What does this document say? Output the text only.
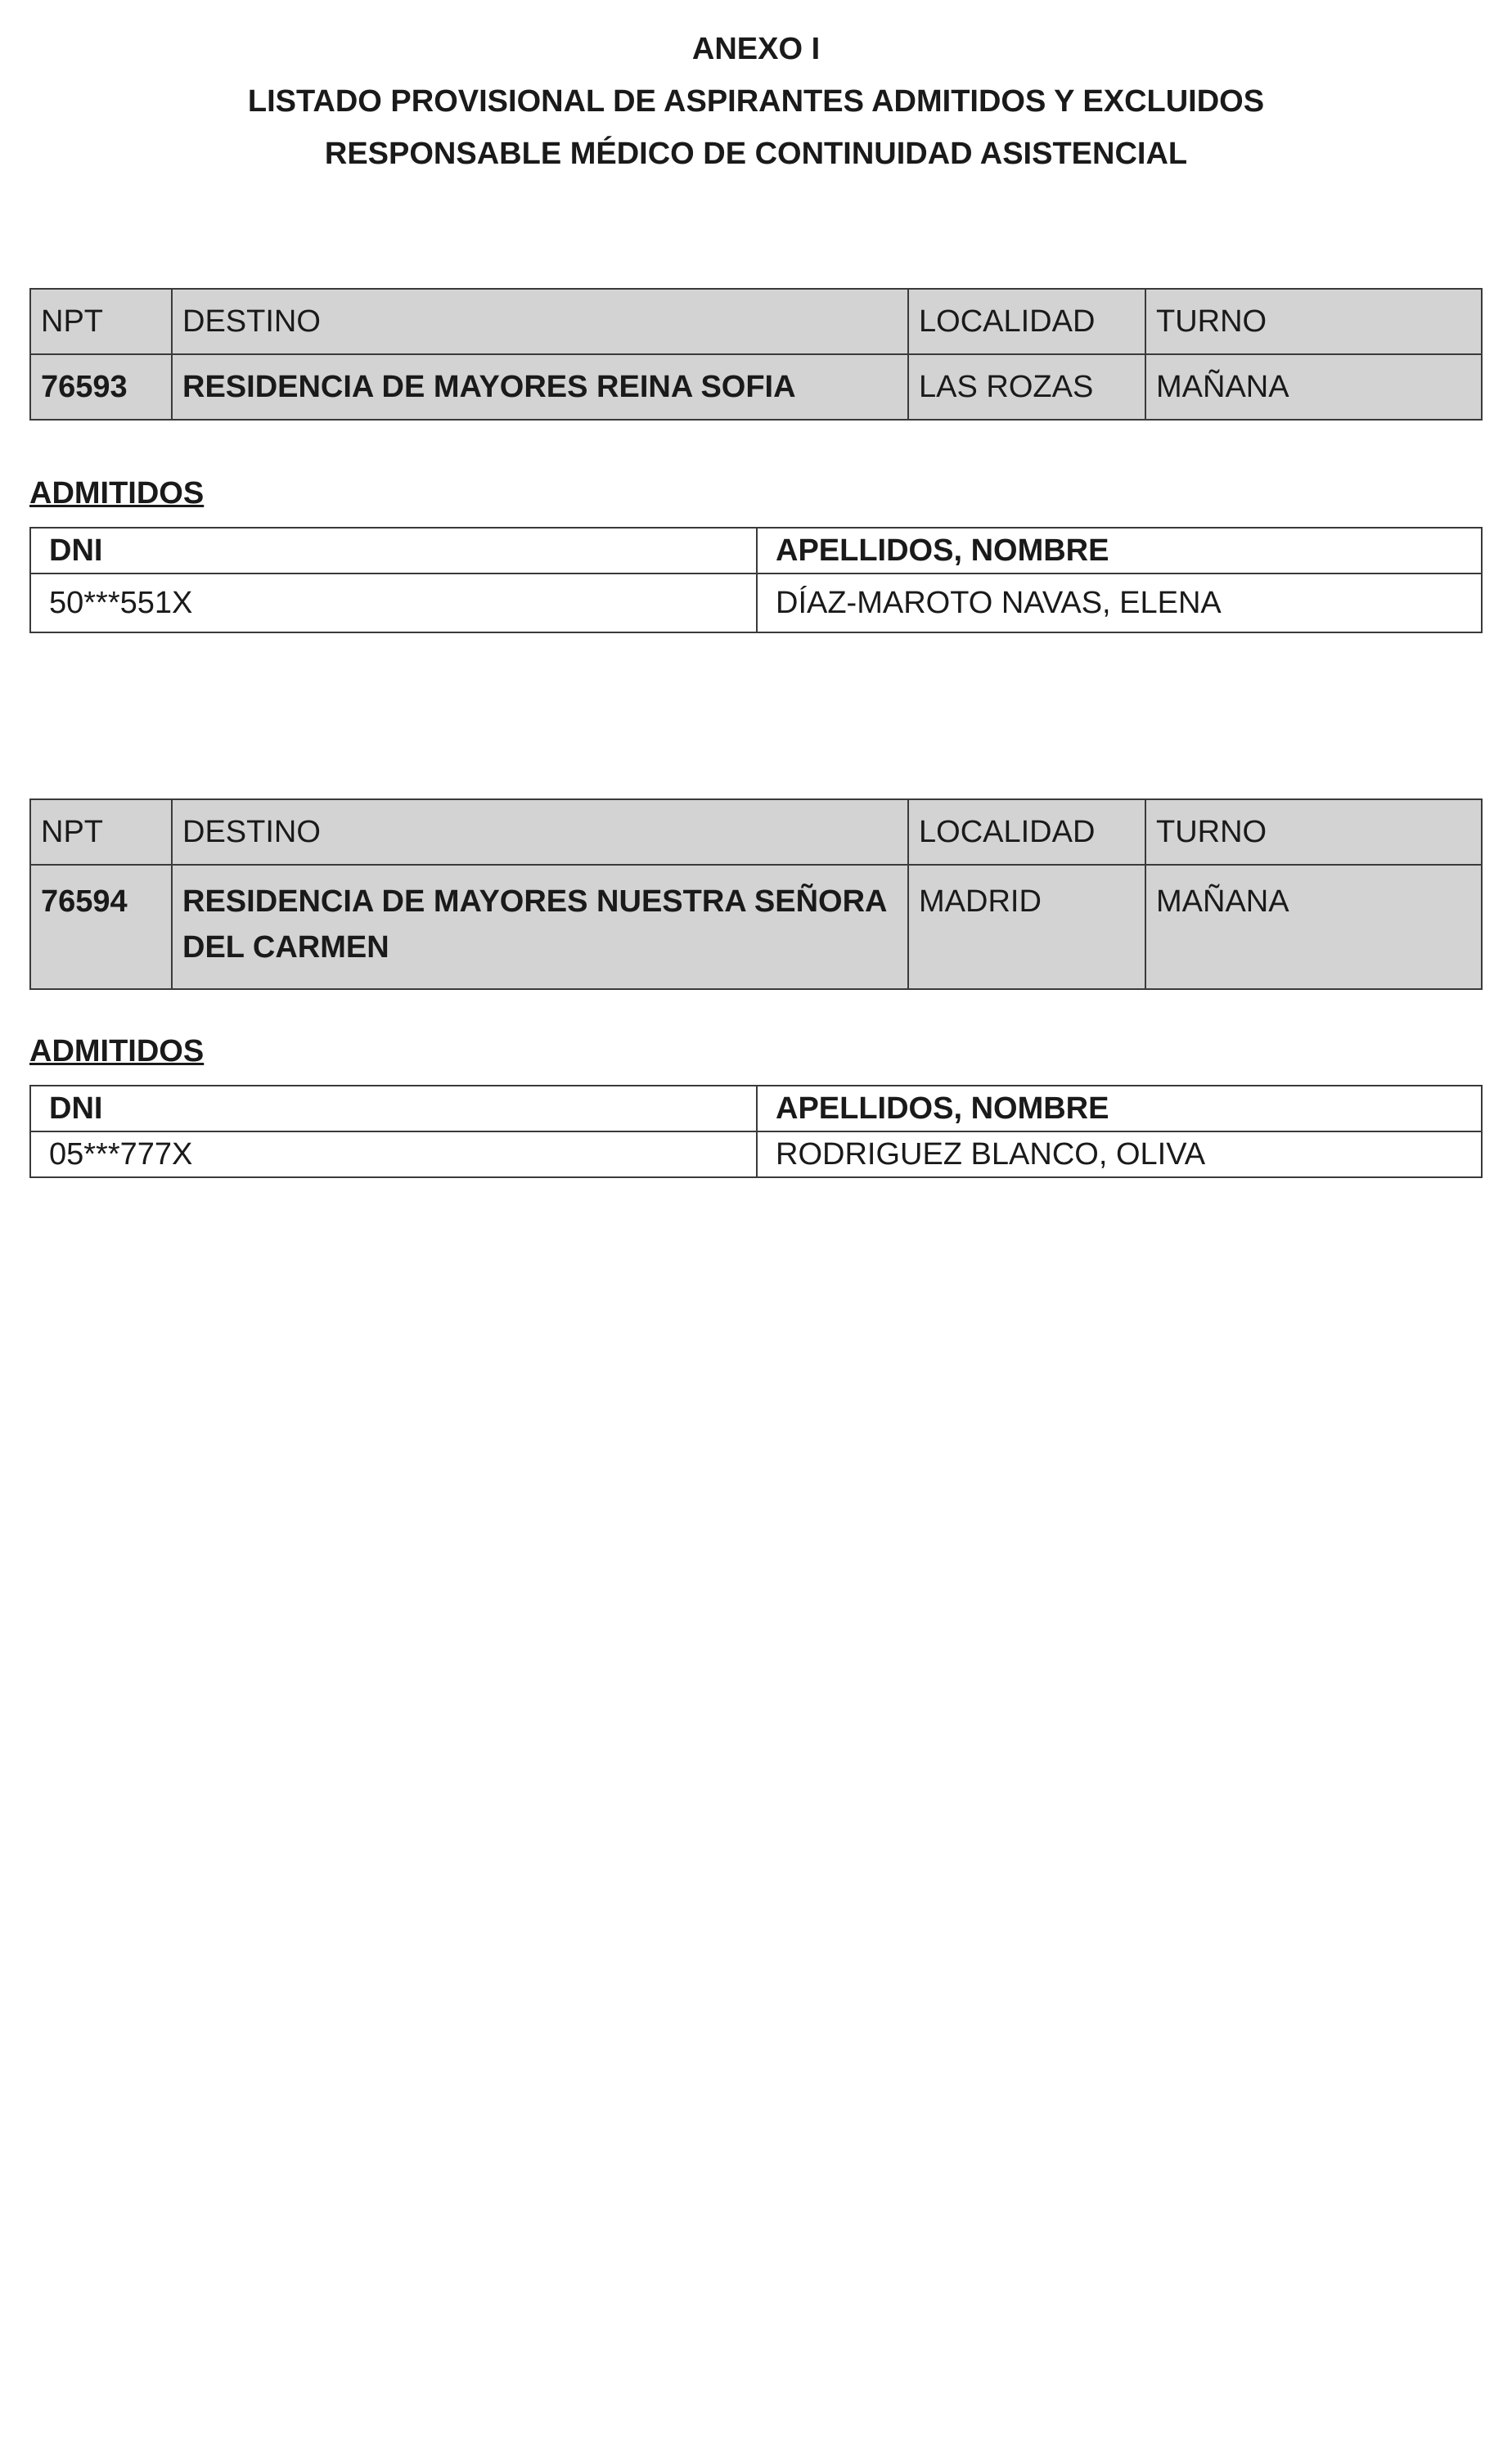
ANEXO I
LISTADO PROVISIONAL DE ASPIRANTES ADMITIDOS Y EXCLUIDOS
RESPONSABLE MÉDICO DE CONTINUIDAD ASISTENCIAL
NPT	DESTINO	LOCALIDAD	TURNO
76593	RESIDENCIA DE MAYORES REINA SOFIA	LAS ROZAS	MAÑANA
ADMITIDOS
DNI	APELLIDOS, NOMBRE
50***551X	DÍAZ-MAROTO NAVAS, ELENA
NPT	DESTINO	LOCALIDAD	TURNO
76594	RESIDENCIA DE MAYORES NUESTRA SEÑORA DEL CARMEN	MADRID	MAÑANA
ADMITIDOS
DNI	APELLIDOS, NOMBRE
05***777X	RODRIGUEZ BLANCO, OLIVA
